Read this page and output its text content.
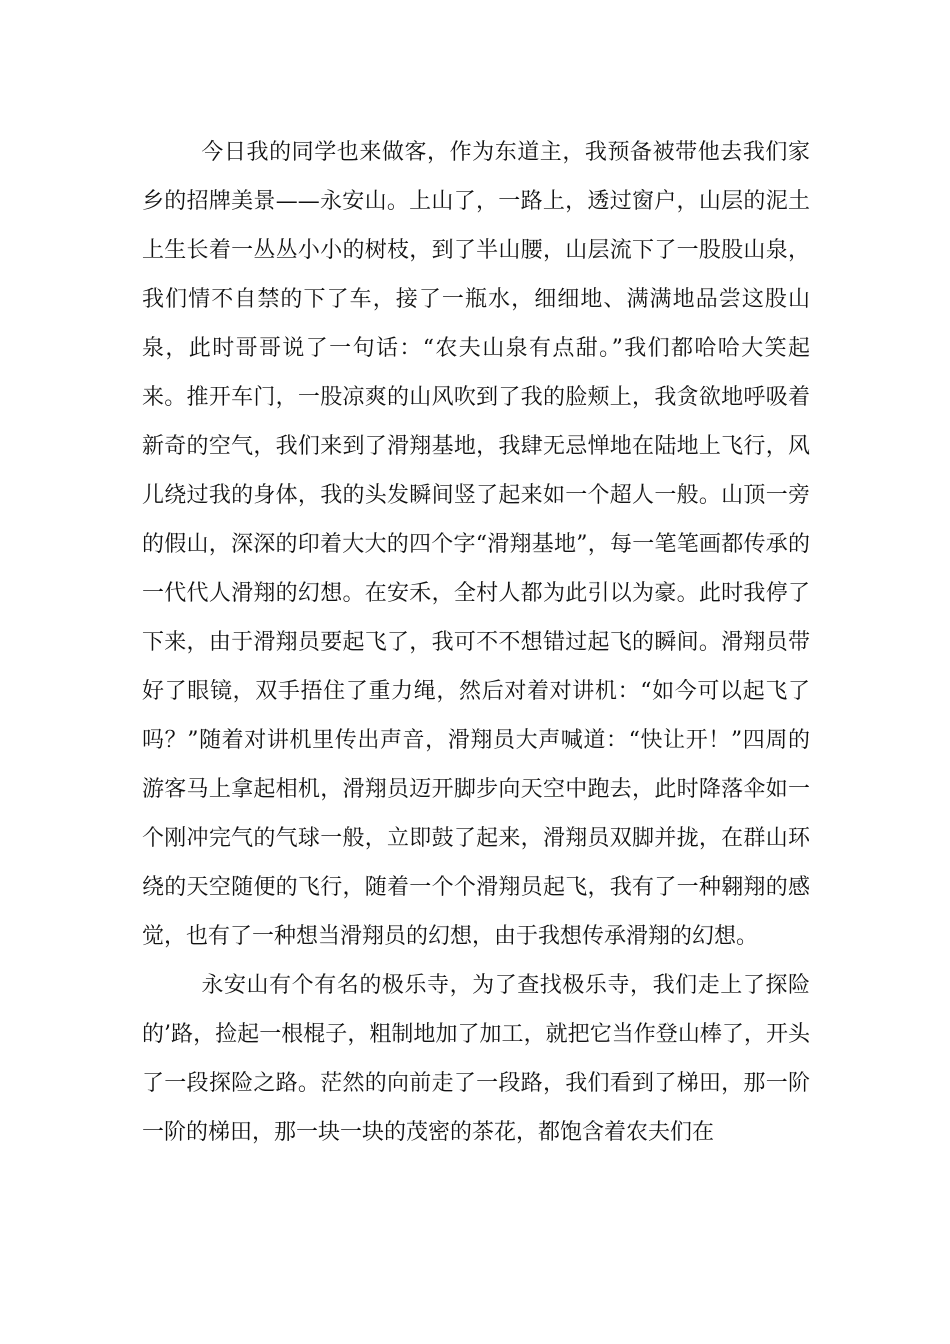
今日我的同学也来做客，作为东道主，我预备被带他去我们家乡的招牌美景——永安山。上山了，一路上，透过窗户，山层的泥土上生长着一丛丛小小的树枝，到了半山腰，山层流下了一股股山泉，我们情不自禁的下了车，接了一瓶水，细细地、满满地品尝这股山泉，此时哥哥说了一句话：“农夫山泉有点甜。”我们都哈哈大笑起来。推开车门，一股凉爽的山风吹到了我的脸颊上，我贪欲地呼吸着新奇的空气，我们来到了滑翔基地，我肆无忌惮地在陆地上飞行，风儿绕过我的身体，我的头发瞬间竖了起来如一个超人一般。山顶一旁的假山，深深的印着大大的四个字“滑翔基地”，每一笔笔画都传承的一代代人滑翔的幻想。在安禾，全村人都为此引以为豪。此时我停了下来，由于滑翔员要起飞了，我可不不想错过起飞的瞬间。滑翔员带好了眼镜，双手捂住了重力绳，然后对着对讲机：“如今可以起飞了吗？”随着对讲机里传出声音，滑翔员大声喊道：“快让开！”四周的游客马上拿起相机，滑翔员迈开脚步向天空中跑去，此时降落伞如一个刚冲完气的气球一般，立即鼓了起来，滑翔员双脚并拢，在群山环绕的天空随便的飞行，随着一个个滑翔员起飞，我有了一种翱翔的感觉，也有了一种想当滑翔员的幻想，由于我想传承滑翔的幻想。

永安山有个有名的极乐寺，为了查找极乐寺，我们走上了探险的’路，捡起一根棍子，粗制地加了加工，就把它当作登山棒了，开头了一段探险之路。茫然的向前走了一段路，我们看到了梯田，那一阶一阶的梯田，那一块一块的茂密的茶花，都饱含着农夫们在
